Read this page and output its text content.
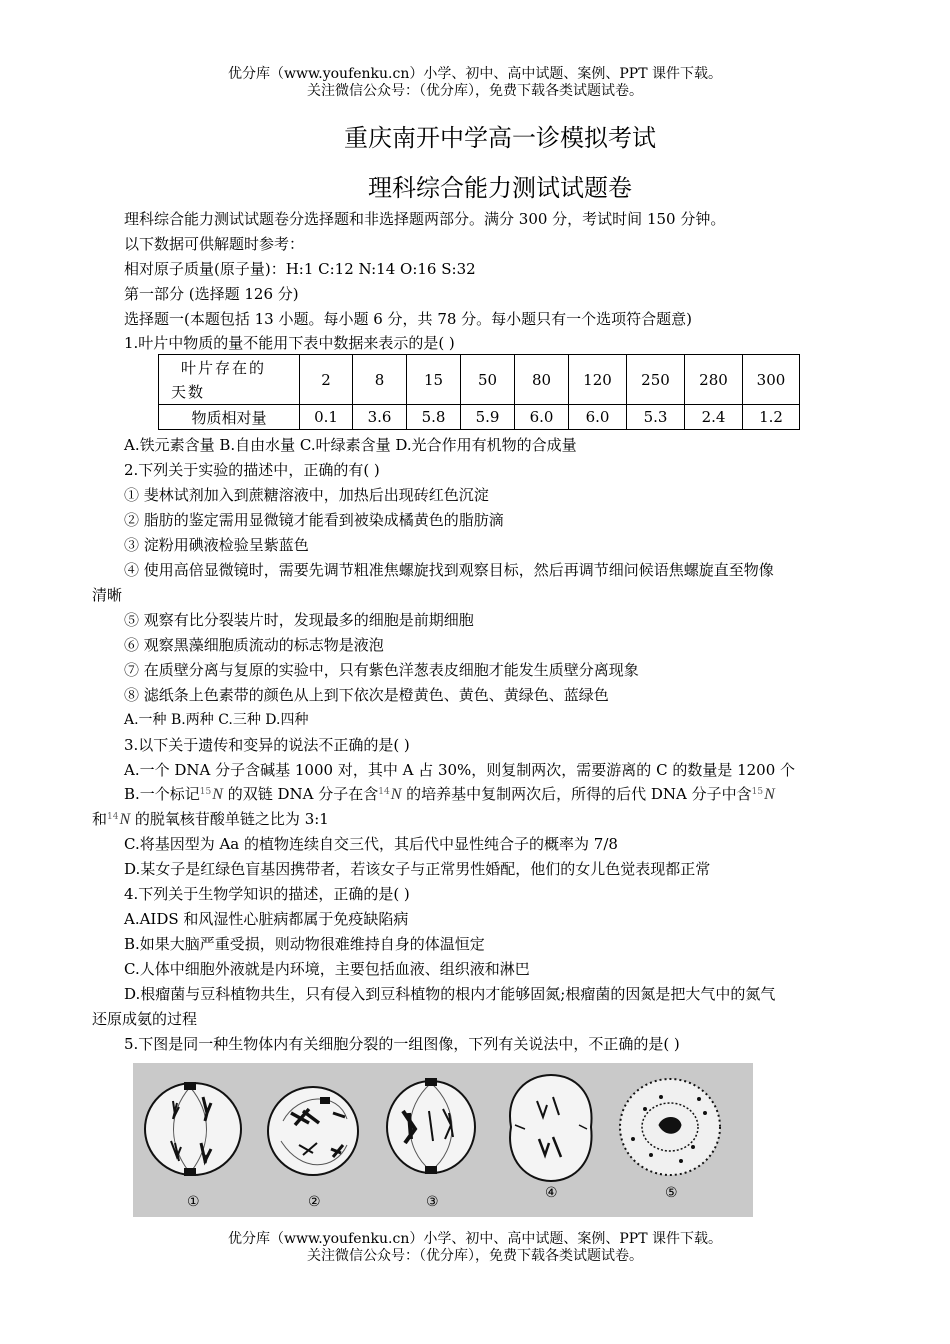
优分库（www.youfenku.cn）小学、初中、高中试题、案例、PPT 课件下载。
关注微信公众号：（优分库），免费下载各类试题试卷。
重庆南开中学高一诊模拟考试
理科综合能力测试试题卷
理科综合能力测试试题卷分选择题和非选择题两部分。满分 300 分，考试时间 150 分钟。
以下数据可供解题时参考：
相对原子质量(原子量)：H:1 C:12 N:14 O:16 S:32
第一部分 (选择题 126 分)
选择题一(本题包括 13 小题。每小题 6 分，共 78 分。每小题只有一个选项符合题意)
1.叶片中物质的量不能用下表中数据来表示的是( )
A.铁元素含量 B.自由水量 C.叶绿素含量 D.光合作用有机物的合成量
2.下列关于实验的描述中，正确的有( )
① 斐林试剂加入到蔗糖溶液中，加热后出现砖红色沉淀
② 脂肪的鉴定需用显微镜才能看到被染成橘黄色的脂肪滴
③ 淀粉用碘液检验呈紫蓝色
④ 使用高倍显微镜时，需要先调节粗准焦螺旋找到观察目标，然后再调节细问候语焦螺旋直至物像
清晰
⑤ 观察有比分裂装片时，发现最多的细胞是前期细胞
⑥ 观察黑藻细胞质流动的标志物是液泡
⑦ 在质壁分离与复原的实验中，只有紫色洋葱表皮细胞才能发生质壁分离现象
⑧ 滤纸条上色素带的颜色从上到下依次是橙黄色、黄色、黄绿色、蓝绿色
A.一种 B.两种 C.三种 D.四种
3.以下关于遗传和变异的说法不正确的是( )
A.一个 DNA 分子含碱基 1000 对，其中 A 占 30%，则复制两次，需要游离的 C 的数量是 1200 个
B.一个标记$^{15}$N 的双链 DNA 分子在含$^{14}$N 的培养基中复制两次后，所得的后代 DNA 分子中含$^{15}$N
和$^{14}$N 的脱氧核苷酸单链之比为 3:1
C.将基因型为 Aa 的植物连续自交三代，其后代中显性纯合子的概率为 7/8
D.某女子是红绿色盲基因携带者，若该女子与正常男性婚配，他们的女儿色觉表现都正常
4.下列关于生物学知识的描述，正确的是( )
A.AIDS 和风湿性心脏病都属于免疫缺陷病
B.如果大脑严重受损，则动物很难维持自身的体温恒定
C.人体中细胞外液就是内环境，主要包括血液、组织液和淋巴
D.根瘤菌与豆科植物共生，只有侵入到豆科植物的根内才能够固氮;根瘤菌的因氮是把大气中的氮气
还原成氨的过程
5.下图是同一种生物体内有关细胞分裂的一组图像，下列有关说法中，不正确的是( )
叶片存在的
天数	2	8	15	50	80	120	250	280	300
物质相对量	0.1	3.6	5.8	5.9	6.0	6.0	5.3	2.4	1.2
①	②	③
④	⑤
优分库（www.youfenku.cn）小学、初中、高中试题、案例、PPT 课件下载。
关注微信公众号：（优分库），免费下载各类试题试卷。
